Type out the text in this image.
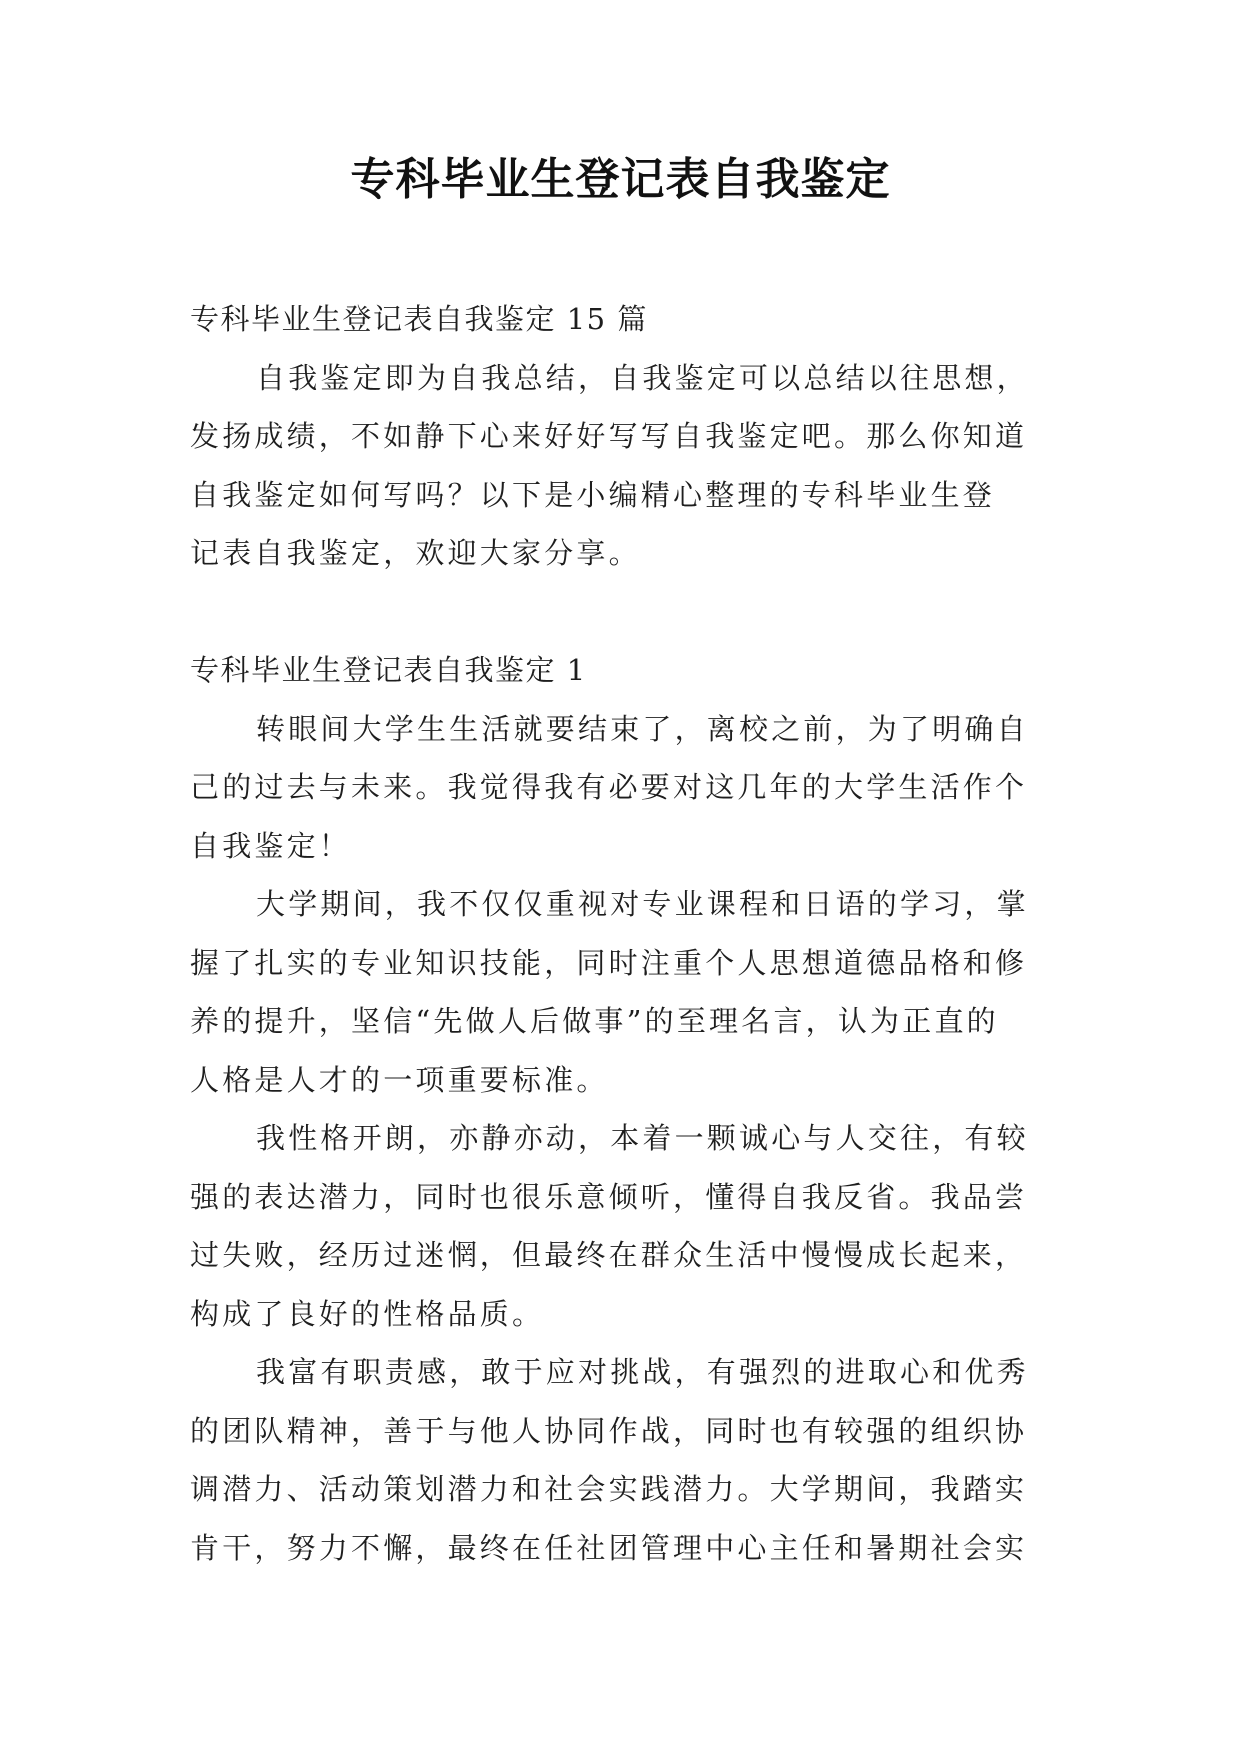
专科毕业生登记表自我鉴定
专科毕业生登记表自我鉴定 15 篇
自我鉴定即为自我总结，自我鉴定可以总结以往思想，
发扬成绩，不如静下心来好好写写自我鉴定吧。那么你知道
自我鉴定如何写吗？以下是小编精心整理的专科毕业生登
记表自我鉴定，欢迎大家分享。
专科毕业生登记表自我鉴定 1
转眼间大学生生活就要结束了，离校之前，为了明确自
己的过去与未来。我觉得我有必要对这几年的大学生活作个
自我鉴定！
大学期间，我不仅仅重视对专业课程和日语的学习，掌
握了扎实的专业知识技能，同时注重个人思想道德品格和修
养的提升，坚信“先做人后做事”的至理名言，认为正直的
人格是人才的一项重要标准。
我性格开朗，亦静亦动，本着一颗诚心与人交往，有较
强的表达潜力，同时也很乐意倾听，懂得自我反省。我品尝
过失败，经历过迷惘，但最终在群众生活中慢慢成长起来，
构成了良好的性格品质。
我富有职责感，敢于应对挑战，有强烈的进取心和优秀
的团队精神，善于与他人协同作战，同时也有较强的组织协
调潜力、活动策划潜力和社会实践潜力。大学期间，我踏实
肯干，努力不懈，最终在任社团管理中心主任和暑期社会实
